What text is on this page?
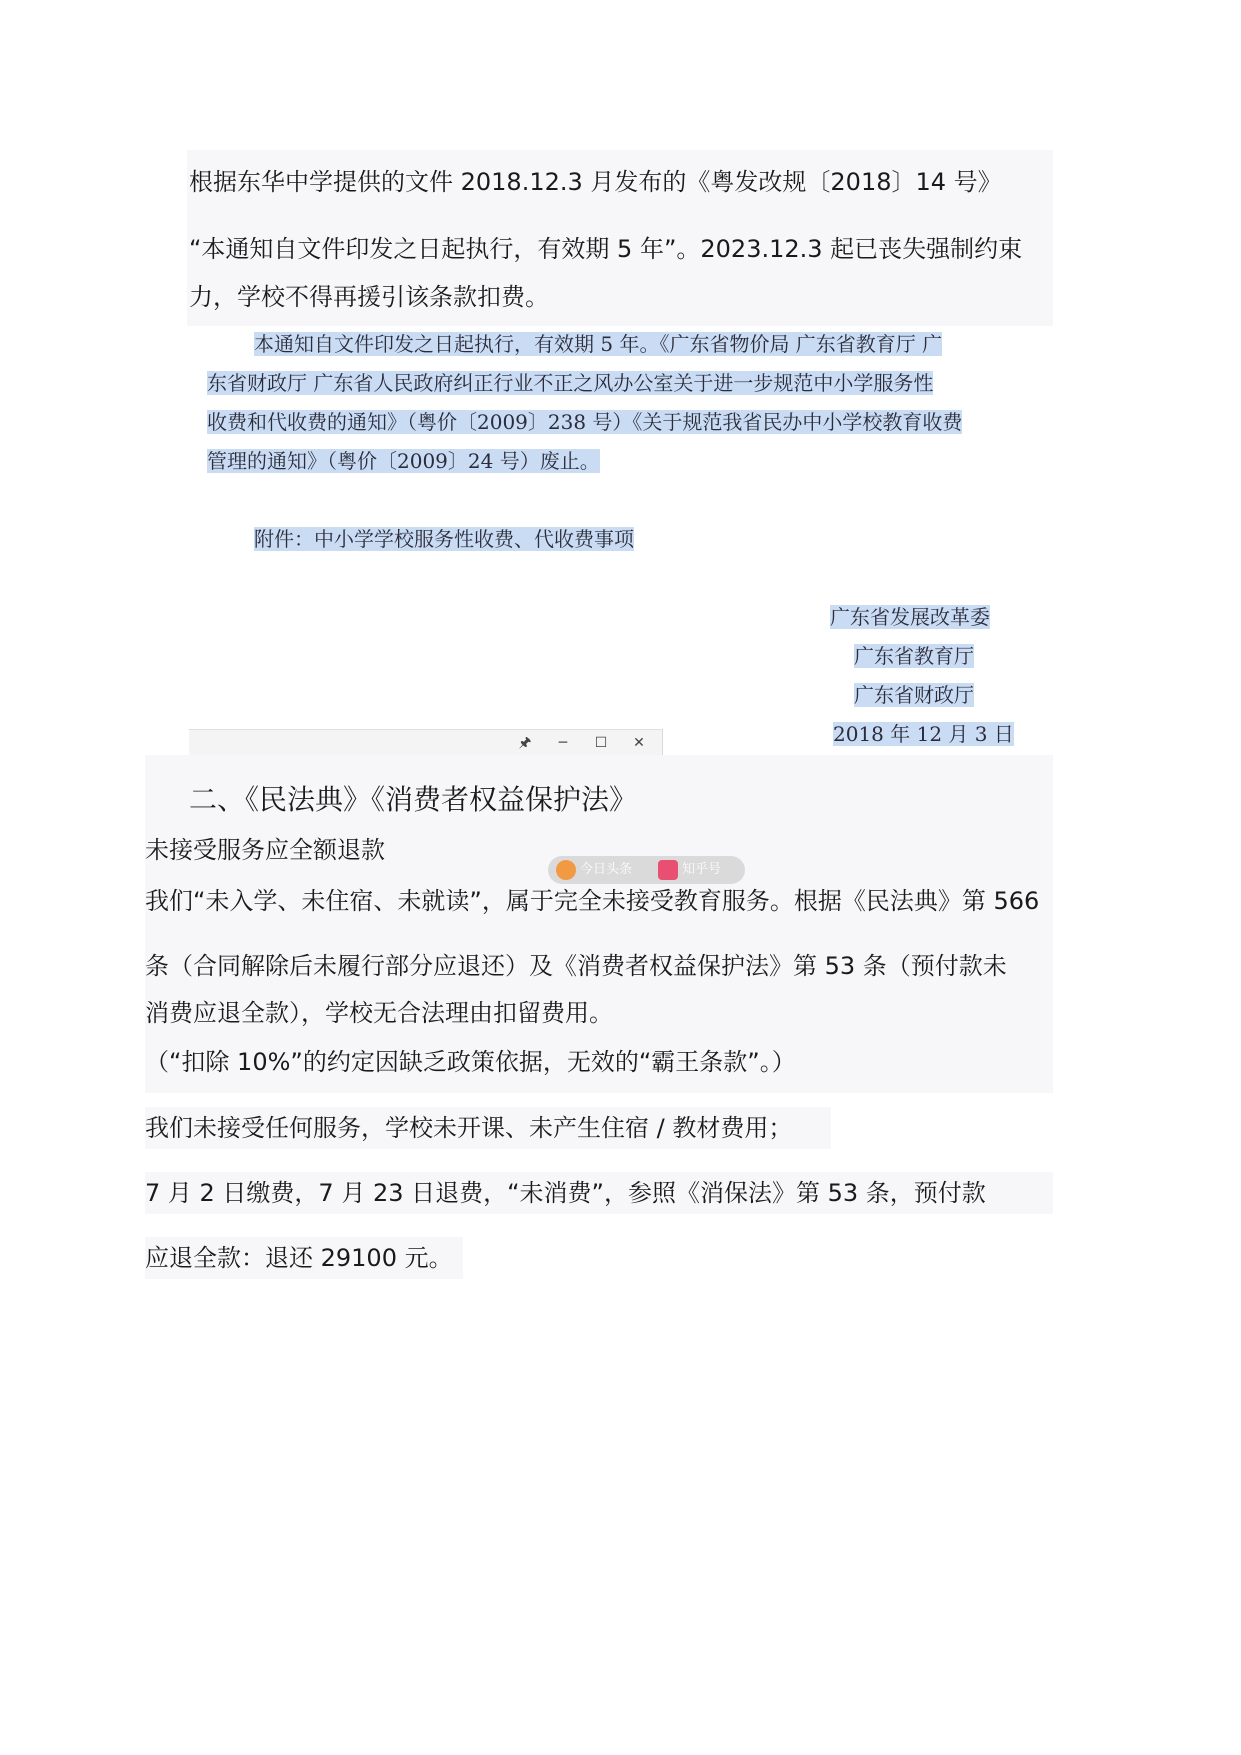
根据东华中学提供的文件 2018.12.3 月发布的《粤发改规〔2018〕14 号》
“本通知自文件印发之日起执行，有效期 5 年”。2023.12.3 起已丧失强制约束
力，学校不得再援引该条款扣费。
本通知自文件印发之日起执行，有效期 5 年。《广东省物价局 广东省教育厅 广
东省财政厅 广东省人民政府纠正行业不正之风办公室关于进一步规范中小学服务性
收费和代收费的通知》（粤价〔2009〕238 号）《关于规范我省民办中小学校教育收费
管理的通知》（粤价〔2009〕24 号）废止。
附件：中小学学校服务性收费、代收费事项
广东省发展改革委
广东省教育厅
广东省财政厅
2018 年 12 月 3 日
🖈	─	☐	✕
二、《民法典》《消费者权益保护法》
未接受服务应全额退款
今日头条	知乎号
我们“未入学、未住宿、未就读”，属于完全未接受教育服务。根据《民法典》第 566
条（合同解除后未履行部分应退还）及《消费者权益保护法》第 53 条（预付款未
消费应退全款），学校无合法理由扣留费用。
（“扣除 10%”的约定因缺乏政策依据，无效的“霸王条款”。）
我们未接受任何服务，学校未开课、未产生住宿 / 教材费用；
7 月 2 日缴费，7 月 23 日退费，“未消费”，参照《消保法》第 53 条，预付款
应退全款：退还 29100 元。
